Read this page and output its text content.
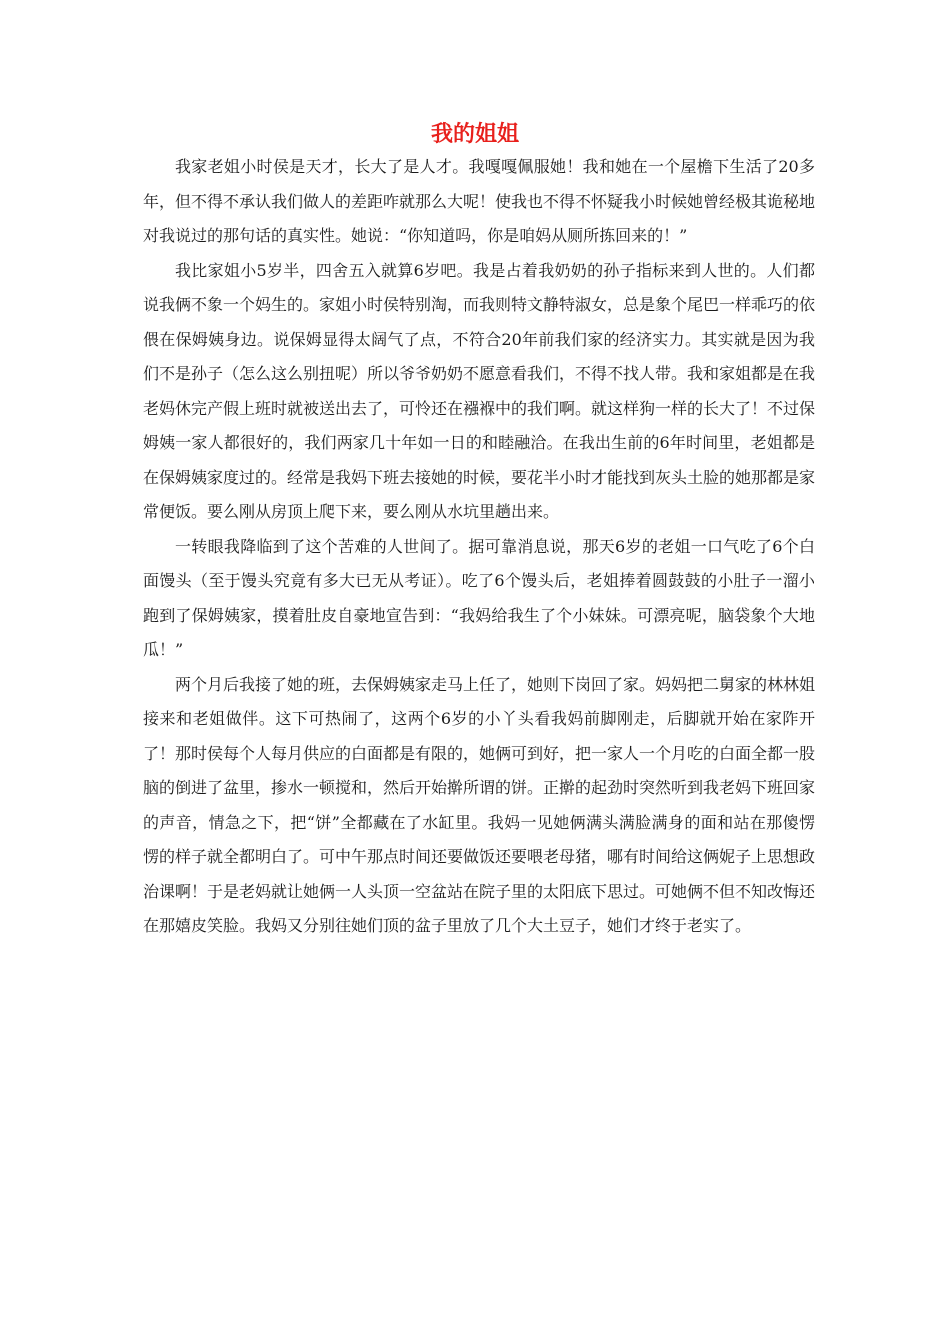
我的姐姐

我家老姐小时侯是天才，长大了是人才。我嘎嘎佩服她！我和她在一个屋檐下生活了20多年，但不得不承认我们做人的差距咋就那么大呢！使我也不得不怀疑我小时候她曾经极其诡秘地对我说过的那句话的真实性。她说：“你知道吗，你是咱妈从厕所拣回来的！”

我比家姐小5岁半，四舍五入就算6岁吧。我是占着我奶奶的孙子指标来到人世的。人们都说我俩不象一个妈生的。家姐小时侯特别淘，而我则特文静特淑女，总是象个尾巴一样乖巧的依偎在保姆姨身边。说保姆显得太阔气了点，不符合20年前我们家的经济实力。其实就是因为我们不是孙子（怎么这么别扭呢）所以爷爷奶奶不愿意看我们，不得不找人带。我和家姐都是在我老妈休完产假上班时就被送出去了，可怜还在襁褓中的我们啊。就这样狗一样的长大了！不过保姆姨一家人都很好的，我们两家几十年如一日的和睦融洽。在我出生前的6年时间里，老姐都是在保姆姨家度过的。经常是我妈下班去接她的时候，要花半小时才能找到灰头土脸的她那都是家常便饭。要么刚从房顶上爬下来，要么刚从水坑里趟出来。

一转眼我降临到了这个苦难的人世间了。据可靠消息说，那天6岁的老姐一口气吃了6个白面馒头（至于馒头究竟有多大已无从考证）。吃了6个馒头后，老姐捧着圆鼓鼓的小肚子一溜小跑到了保姆姨家，摸着肚皮自豪地宣告到：“我妈给我生了个小妹妹。可漂亮呢，脑袋象个大地瓜！”

两个月后我接了她的班，去保姆姨家走马上任了，她则下岗回了家。妈妈把二舅家的林林姐接来和老姐做伴。这下可热闹了，这两个6岁的小丫头看我妈前脚刚走，后脚就开始在家阼开了！那时侯每个人每月供应的白面都是有限的，她俩可到好，把一家人一个月吃的白面全都一股脑的倒进了盆里，掺水一顿搅和，然后开始擀所谓的饼。正擀的起劲时突然听到我老妈下班回家的声音，情急之下，把“饼”全都藏在了水缸里。我妈一见她俩满头满脸满身的面和站在那傻愣愣的样子就全都明白了。可中午那点时间还要做饭还要喂老母猪，哪有时间给这俩妮子上思想政治课啊！于是老妈就让她俩一人头顶一空盆站在院子里的太阳底下思过。可她俩不但不知改悔还在那嬉皮笑脸。我妈又分别往她们顶的盆子里放了几个大土豆子，她们才终于老实了。
